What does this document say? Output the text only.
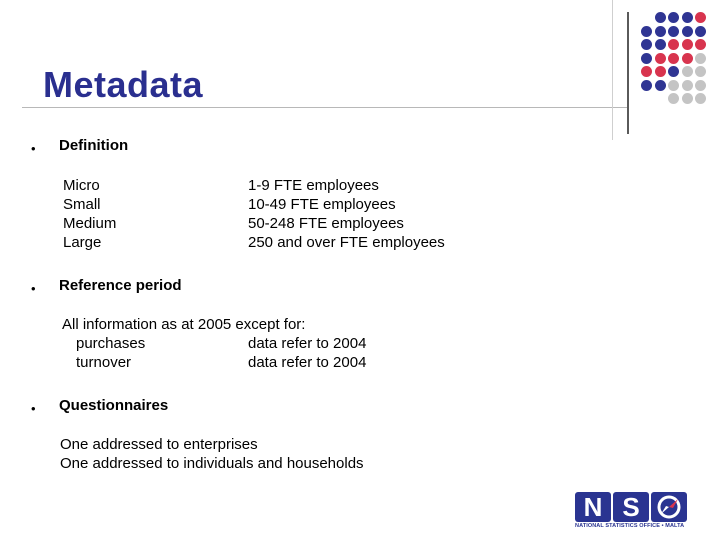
Metadata
• Definition
Micro	1-9 FTE employees
Small	10-49 FTE employees
Medium	50-248 FTE employees
Large	250 and over FTE employees
• Reference period
All information as at 2005 except for:
purchases	data refer to 2004
turnover	data refer to 2004
• Questionnaires
One addressed to enterprises
One addressed to individuals and households
N S
NATIONAL STATISTICS OFFICE • MALTA
